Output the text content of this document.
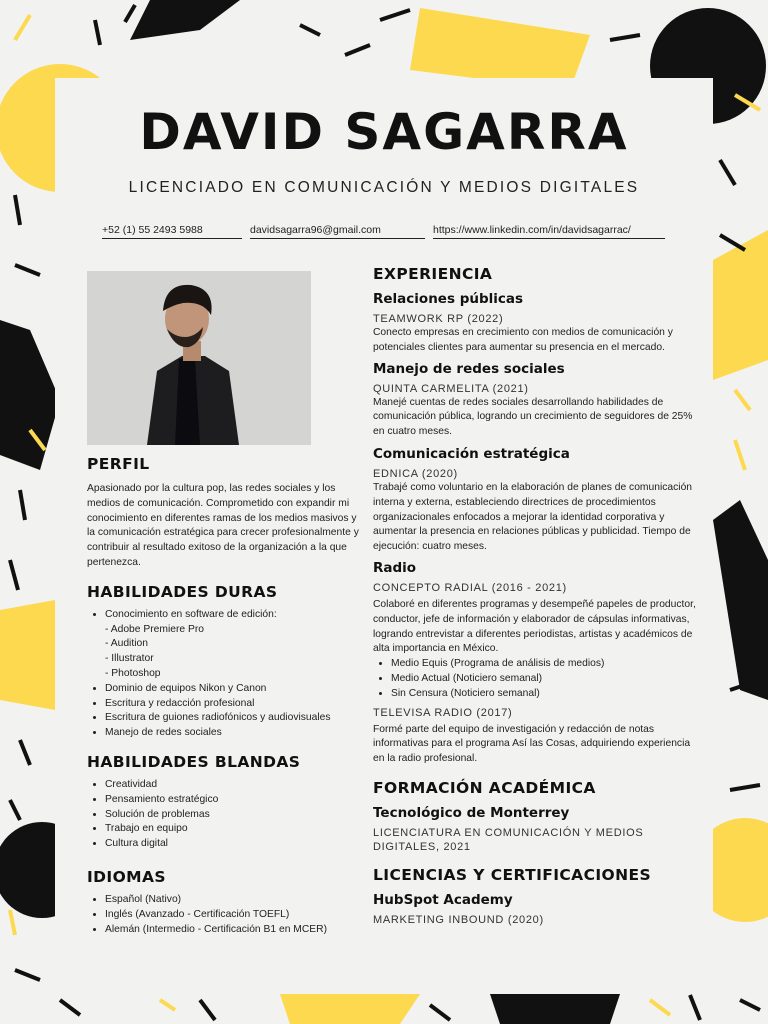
DAVID SAGARRA
LICENCIADO EN COMUNICACIÓN Y MEDIOS DIGITALES
+52 (1) 55 2493 5988	davidsagarra96@gmail.com	https://www.linkedin.com/in/davidsagarrac/
PERFIL

Apasionado por la cultura pop, las redes sociales y los medios de comunicación. Comprometido con expandir mi conocimiento en diferentes ramas de los medios masivos y la comunicación estratégica para crecer profesionalmente y contribuir al resultado exitoso de la organización a la que pertenezca.

HABILIDADES DURAS
• Conocimiento en software de edición:
- Adobe Premiere Pro
- Audition
- Illustrator
- Photoshop
• Dominio de equipos Nikon y Canon
• Escritura y redacción profesional
• Escritura de guiones radiofónicos y audiovisuales
• Manejo de redes sociales
HABILIDADES BLANDAS
• Creatividad
• Pensamiento estratégico
• Solución de problemas
• Trabajo en equipo
• Cultura digital
IDIOMAS
• Español (Nativo)
• Inglés (Avanzado - Certificación TOEFL)
• Alemán (Intermedio - Certificación B1 en MCER)
EXPERIENCIA
Relaciones públicas
TEAMWORK RP (2022)

Conecto empresas en crecimiento con medios de comunicación y potenciales clientes para aumentar su presencia en el mercado.

Manejo de redes sociales
QUINTA CARMELITA (2021)

Manejé cuentas de redes sociales desarrollando habilidades de comunicación pública, logrando un crecimiento de seguidores de 25% en cuatro meses.

Comunicación estratégica
EDNICA (2020)

Trabajé como voluntario en la elaboración de planes de comunicación interna y externa, estableciendo directrices de procedimientos organizacionales enfocados a mejorar la identidad corporativa y aumentar la presencia en relaciones públicas y publicidad. Tiempo de ejecución: cuatro meses.

Radio
CONCEPTO RADIAL (2016 - 2021)

Colaboré en diferentes programas y desempeñé papeles de productor, conductor, jefe de información y elaborador de cápsulas informativas, logrando entrevistar a diferentes periodistas, artistas y académicos de alta importancia en México.

• Medio Equis (Programa de análisis de medios)
• Medio Actual (Noticiero semanal)
• Sin Censura (Noticiero semanal)
TELEVISA RADIO (2017)

Formé parte del equipo de investigación y redacción de notas informativas para el programa Así las Cosas, adquiriendo experiencia en la radio profesional.

FORMACIÓN ACADÉMICA
Tecnológico de Monterrey
LICENCIATURA EN COMUNICACIÓN Y MEDIOS DIGITALES, 2021
LICENCIAS Y CERTIFICACIONES
HubSpot Academy
MARKETING INBOUND (2020)
